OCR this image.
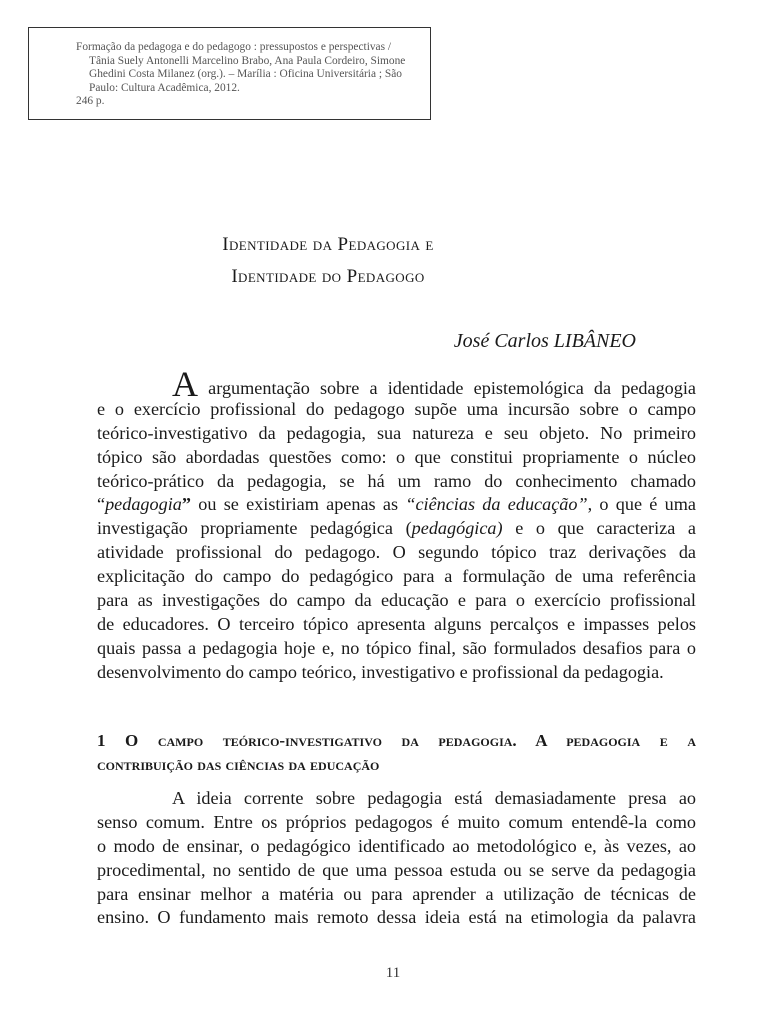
Formação da pedagoga e do pedagogo : pressupostos e perspectivas /
Tânia Suely Antonelli Marcelino Brabo, Ana Paula Cordeiro, Simone
Ghedini Costa Milanez (org.). – Marília : Oficina Universitária ; São
Paulo: Cultura Acadêmica, 2012.
246 p.
Identidade da Pedagogia e
Identidade do Pedagogo
José Carlos LIBÂNEO
A argumentação sobre a identidade epistemológica da pedagogia
e o exercício profissional do pedagogo supõe uma incursão sobre o campo
teórico-investigativo da pedagogia, sua natureza e seu objeto. No primeiro
tópico são abordadas questões como: o que constitui propriamente o núcleo
teórico-prático da pedagogia, se há um ramo do conhecimento chamado
“pedagogia” ou se existiriam apenas as “ciências da educação”, o que é uma
investigação propriamente pedagógica (pedagógica) e o que caracteriza a
atividade profissional do pedagogo. O segundo tópico traz derivações da
explicitação do campo do pedagógico para a formulação de uma referência
para as investigações do campo da educação e para o exercício profissional
de educadores. O terceiro tópico apresenta alguns percalços e impasses pelos
quais passa a pedagogia hoje e, no tópico final, são formulados desafios para o
desenvolvimento do campo teórico, investigativo e profissional da pedagogia.
1 O campo teórico-investigativo da pedagogia. A pedagogia e a
contribuição das ciências da educação
A ideia corrente sobre pedagogia está demasiadamente presa ao
senso comum. Entre os próprios pedagogos é muito comum entendê-la como
o modo de ensinar, o pedagógico identificado ao metodológico e, às vezes, ao
procedimental, no sentido de que uma pessoa estuda ou se serve da pedagogia
para ensinar melhor a matéria ou para aprender a utilização de técnicas de
ensino. O fundamento mais remoto dessa ideia está na etimologia da palavra
11
